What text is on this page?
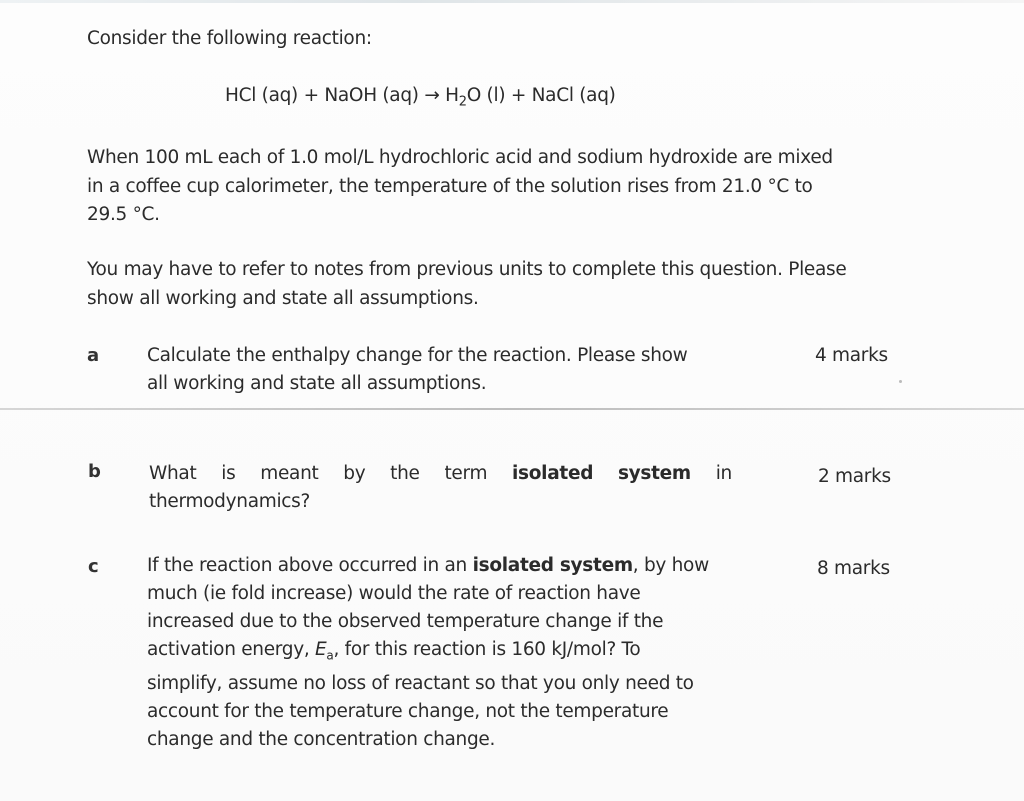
Consider the following reaction:
HCl (aq) + NaOH $(aq) \to H_2O$ (l) + NaCl (aq)
When 100 mL each of 1.0 mol/L hydrochloric acid and sodium hydroxide are mixed
in a coffee cup calorimeter, the temperature of the solution rises from 21.0 °C to
29.5 °C.
You may have to refer to notes from previous units to complete this question. Please
show all working and state all assumptions.
a	Calculate the enthalpy change for the reaction. Please show
all working and state all assumptions.
4 marks
b	What is meant by the term isolated system in
thermodynamics?
2 marks
c	If the reaction above occurred in an isolated system, by how
much (ie fold increase) would the rate of reaction have
increased due to the observed temperature change if the
activation energy, $E_a$, for this reaction is 160 kJ/mol? To
simplify, assume no loss of reactant so that you only need to
account for the temperature change, not the temperature
change and the concentration change.
8 marks
